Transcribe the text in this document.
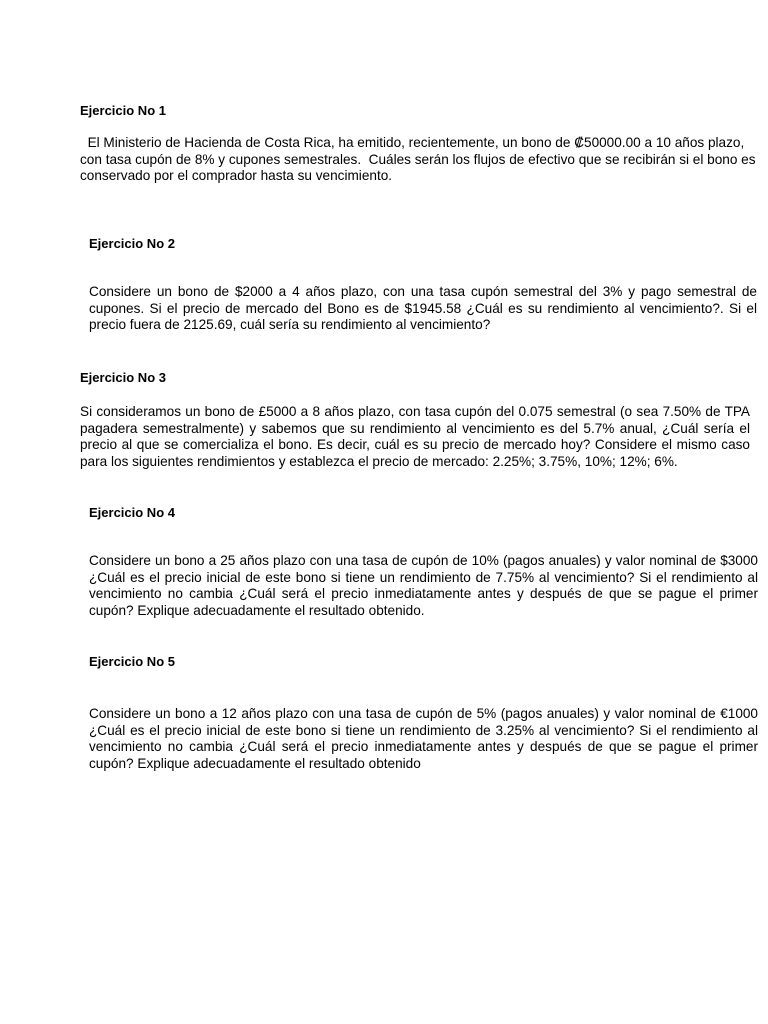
Ejercicio No 1

El Ministerio de Hacienda de Costa Rica, ha emitido, recientemente, un bono de ₡50000.00 a 10 años plazo, con tasa cupón de 8% y cupones semestrales.  Cuáles serán los flujos de efectivo que se recibirán si el bono es conservado por el comprador hasta su vencimiento.

Ejercicio No 2

Considere un bono de $2000 a 4 años plazo, con una tasa cupón semestral del 3% y pago semestral de cupones. Si el precio de mercado del Bono es de $1945.58 ¿Cuál es su rendimiento al vencimiento?. Si el precio fuera de 2125.69, cuál sería su rendimiento al vencimiento?

Ejercicio No 3

Si consideramos un bono de £5000 a 8 años plazo, con tasa cupón del 0.075 semestral (o sea 7.50% de TPA pagadera semestralmente) y sabemos que su rendimiento al vencimiento es del 5.7% anual, ¿Cuál sería el precio al que se comercializa el bono. Es decir, cuál es su precio de mercado hoy? Considere el mismo caso para los siguientes rendimientos y establezca el precio de mercado: 2.25%; 3.75%, 10%; 12%; 6%.

Ejercicio No 4

Considere un bono a 25 años plazo con una tasa de cupón de 10% (pagos anuales) y valor nominal de $3000 ¿Cuál es el precio inicial de este bono si tiene un rendimiento de 7.75% al vencimiento? Si el rendimiento al vencimiento no cambia ¿Cuál será el precio inmediatamente antes y después de que se pague el primer cupón? Explique adecuadamente el resultado obtenido.

Ejercicio No 5

Considere un bono a 12 años plazo con una tasa de cupón de 5% (pagos anuales) y valor nominal de €1000 ¿Cuál es el precio inicial de este bono si tiene un rendimiento de 3.25% al vencimiento? Si el rendimiento al vencimiento no cambia ¿Cuál será el precio inmediatamente antes y después de que se pague el primer cupón? Explique adecuadamente el resultado obtenido
